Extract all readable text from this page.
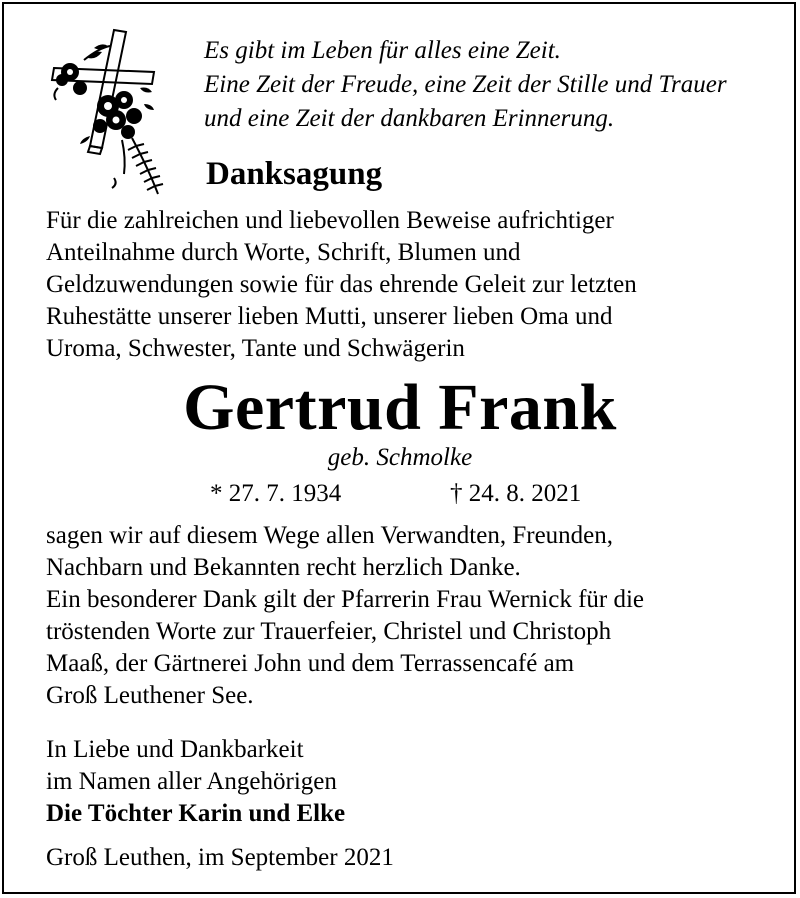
Es gibt im Leben für alles eine Zeit.
Eine Zeit der Freude, eine Zeit der Stille und Trauer
und eine Zeit der dankbaren Erinnerung.
Danksagung
Für die zahlreichen und liebevollen Beweise aufrichtiger
Anteilnahme durch Worte, Schrift, Blumen und
Geldzuwendungen sowie für das ehrende Geleit zur letzten
Ruhestätte unserer lieben Mutti, unserer lieben Oma und
Uroma, Schwester, Tante und Schwägerin
Gertrud Frank
geb. Schmolke
* 27. 7. 1934	† 24. 8. 2021
sagen wir auf diesem Wege allen Verwandten, Freunden,
Nachbarn und Bekannten recht herzlich Danke.
Ein besonderer Dank gilt der Pfarrerin Frau Wernick für die
tröstenden Worte zur Trauerfeier, Christel und Christoph
Maaß, der Gärtnerei John und dem Terrassencafé am
Groß Leuthener See.
In Liebe und Dankbarkeit
im Namen aller Angehörigen
Die Töchter Karin und Elke
Groß Leuthen, im September 2021
